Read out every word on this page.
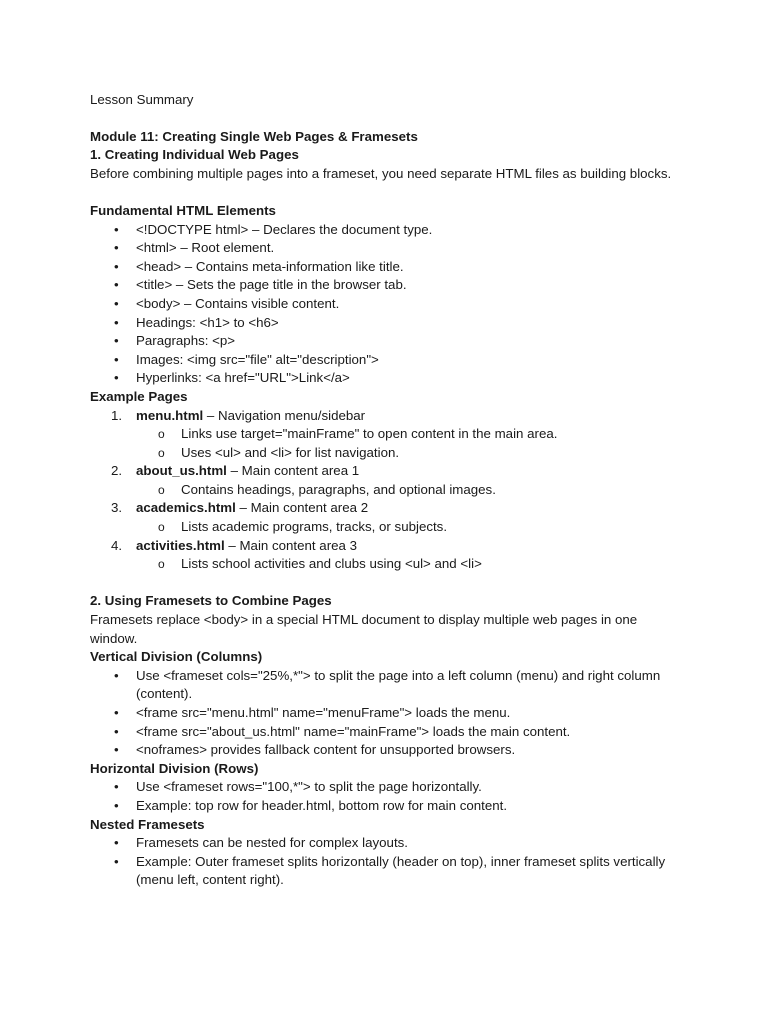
Lesson Summary

Module 11: Creating Single Web Pages & Framesets

1. Creating Individual Web Pages

Before combining multiple pages into a frameset, you need separate HTML files as building blocks.

Fundamental HTML Elements

• <!DOCTYPE html> – Declares the document type.
• <html> – Root element.
• <head> – Contains meta-information like title.
• <title> – Sets the page title in the browser tab.
• <body> – Contains visible content.
• Headings: <h1> to <h6>
• Paragraphs: <p>
• Images: <img src="file" alt="description">
• Hyperlinks: <a href="URL">Link</a>

Example Pages

1. menu.html – Navigation menu/sidebar
o Links use target="mainFrame" to open content in the main area.
o Uses <ul> and <li> for list navigation.
2. about_us.html – Main content area 1
o Contains headings, paragraphs, and optional images.
3. academics.html – Main content area 2
o Lists academic programs, tracks, or subjects.
4. activities.html – Main content area 3
o Lists school activities and clubs using <ul> and <li>

2. Using Framesets to Combine Pages

Framesets replace <body> in a special HTML document to display multiple web pages in one window.

Vertical Division (Columns)

• Use <frameset cols="25%,*"> to split the page into a left column (menu) and right column (content).
• <frame src="menu.html" name="menuFrame"> loads the menu.
• <frame src="about_us.html" name="mainFrame"> loads the main content.
• <noframes> provides fallback content for unsupported browsers.

Horizontal Division (Rows)

• Use <frameset rows="100,*"> to split the page horizontally.
• Example: top row for header.html, bottom row for main content.

Nested Framesets

• Framesets can be nested for complex layouts.
• Example: Outer frameset splits horizontally (header on top), inner frameset splits vertically (menu left, content right).
